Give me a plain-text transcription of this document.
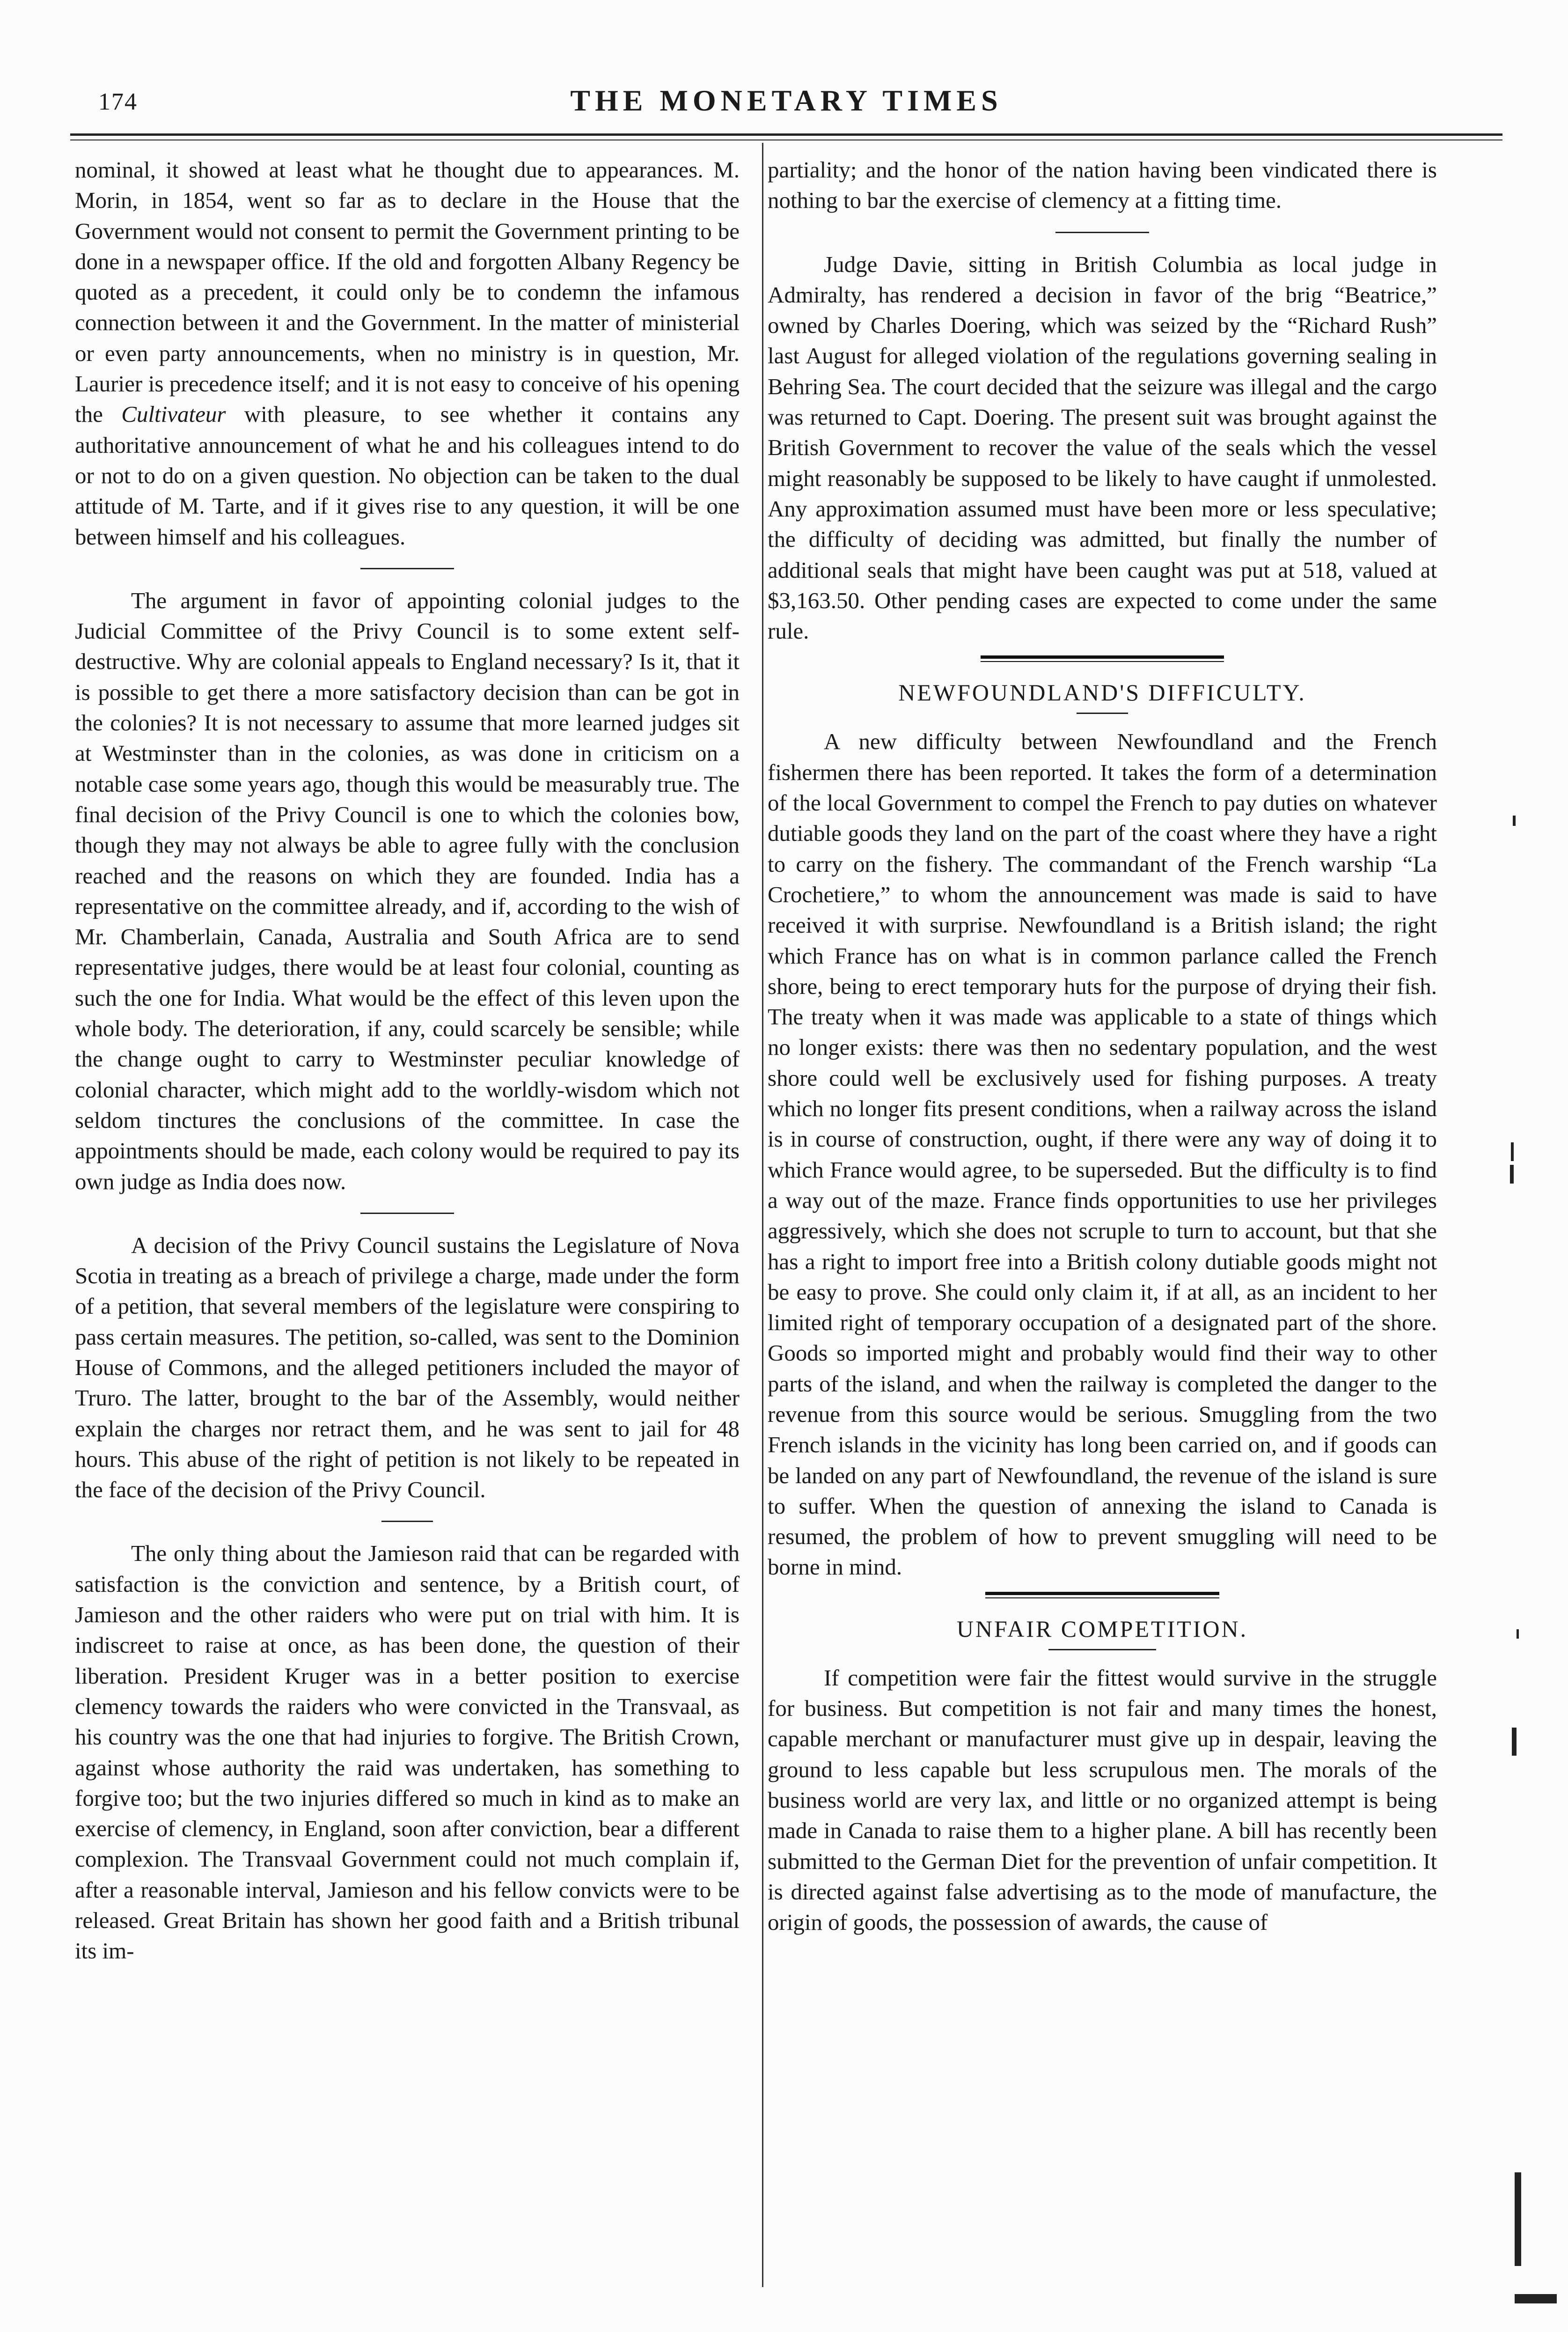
174	THE MONETARY TIMES

nominal, it showed at least what he thought due to appearances. M. Morin, in 1854, went so far as to declare in the House that the Government would not consent to permit the Government printing to be done in a newspaper office. If the old and forgotten Albany Regency be quoted as a precedent, it could only be to condemn the infamous connection between it and the Government. In the matter of ministerial or even party announcements, when no ministry is in question, Mr. Laurier is precedence itself; and it is not easy to conceive of his opening the Cultivateur with pleasure, to see whether it contains any authoritative announcement of what he and his colleagues intend to do or not to do on a given question. No objection can be taken to the dual attitude of M. Tarte, and if it gives rise to any question, it will be one between himself and his colleagues.

The argument in favor of appointing colonial judges to the Judicial Committee of the Privy Council is to some extent self-destructive. Why are colonial appeals to England necessary? Is it, that it is possible to get there a more satisfactory decision than can be got in the colonies? It is not necessary to assume that more learned judges sit at Westminster than in the colonies, as was done in criticism on a notable case some years ago, though this would be measurably true. The final decision of the Privy Council is one to which the colonies bow, though they may not always be able to agree fully with the conclusion reached and the reasons on which they are founded. India has a representative on the committee already, and if, according to the wish of Mr. Chamberlain, Canada, Australia and South Africa are to send representative judges, there would be at least four colonial, counting as such the one for India. What would be the effect of this leven upon the whole body. The deterioration, if any, could scarcely be sensible; while the change ought to carry to Westminster peculiar knowledge of colonial character, which might add to the worldly-wisdom which not seldom tinctures the conclusions of the committee. In case the appointments should be made, each colony would be required to pay its own judge as India does now.

A decision of the Privy Council sustains the Legislature of Nova Scotia in treating as a breach of privilege a charge, made under the form of a petition, that several members of the legislature were conspiring to pass certain measures. The petition, so-called, was sent to the Dominion House of Commons, and the alleged petitioners included the mayor of Truro. The latter, brought to the bar of the Assembly, would neither explain the charges nor retract them, and he was sent to jail for 48 hours. This abuse of the right of petition is not likely to be repeated in the face of the decision of the Privy Council.

The only thing about the Jamieson raid that can be regarded with satisfaction is the conviction and sentence, by a British court, of Jamieson and the other raiders who were put on trial with him. It is indiscreet to raise at once, as has been done, the question of their liberation. President Kruger was in a better position to exercise clemency towards the raiders who were convicted in the Transvaal, as his country was the one that had injuries to forgive. The British Crown, against whose authority the raid was undertaken, has something to forgive too; but the two injuries differed so much in kind as to make an exercise of clemency, in England, soon after conviction, bear a different complexion. The Transvaal Government could not much complain if, after a reasonable interval, Jamieson and his fellow convicts were to be released. Great Britain has shown her good faith and a British tribunal its im-

partiality; and the honor of the nation having been vindicated there is nothing to bar the exercise of clemency at a fitting time.

Judge Davie, sitting in British Columbia as local judge in Admiralty, has rendered a decision in favor of the brig “Beatrice,” owned by Charles Doering, which was seized by the “Richard Rush” last August for alleged violation of the regulations governing sealing in Behring Sea. The court decided that the seizure was illegal and the cargo was returned to Capt. Doering. The present suit was brought against the British Government to recover the value of the seals which the vessel might reasonably be supposed to be likely to have caught if unmolested. Any approximation assumed must have been more or less speculative; the difficulty of deciding was admitted, but finally the number of additional seals that might have been caught was put at 518, valued at $3,163.50. Other pending cases are expected to come under the same rule.

NEWFOUNDLAND'S DIFFICULTY.

A new difficulty between Newfoundland and the French fishermen there has been reported. It takes the form of a determination of the local Government to compel the French to pay duties on whatever dutiable goods they land on the part of the coast where they have a right to carry on the fishery. The commandant of the French warship “La Crochetiere,” to whom the announcement was made is said to have received it with surprise. Newfoundland is a British island; the right which France has on what is in common parlance called the French shore, being to erect temporary huts for the purpose of drying their fish. The treaty when it was made was applicable to a state of things which no longer exists: there was then no sedentary population, and the west shore could well be exclusively used for fishing purposes. A treaty which no longer fits present conditions, when a railway across the island is in course of construction, ought, if there were any way of doing it to which France would agree, to be superseded. But the difficulty is to find a way out of the maze. France finds opportunities to use her privileges aggressively, which she does not scruple to turn to account, but that she has a right to import free into a British colony dutiable goods might not be easy to prove. She could only claim it, if at all, as an incident to her limited right of temporary occupation of a designated part of the shore. Goods so imported might and probably would find their way to other parts of the island, and when the railway is completed the danger to the revenue from this source would be serious. Smuggling from the two French islands in the vicinity has long been carried on, and if goods can be landed on any part of Newfoundland, the revenue of the island is sure to suffer. When the question of annexing the island to Canada is resumed, the problem of how to prevent smuggling will need to be borne in mind.

UNFAIR COMPETITION.

If competition were fair the fittest would survive in the struggle for business. But competition is not fair and many times the honest, capable merchant or manufacturer must give up in despair, leaving the ground to less capable but less scrupulous men. The morals of the business world are very lax, and little or no organized attempt is being made in Canada to raise them to a higher plane. A bill has recently been submitted to the German Diet for the prevention of unfair competition. It is directed against false advertising as to the mode of manufacture, the origin of goods, the possession of awards, the cause of
